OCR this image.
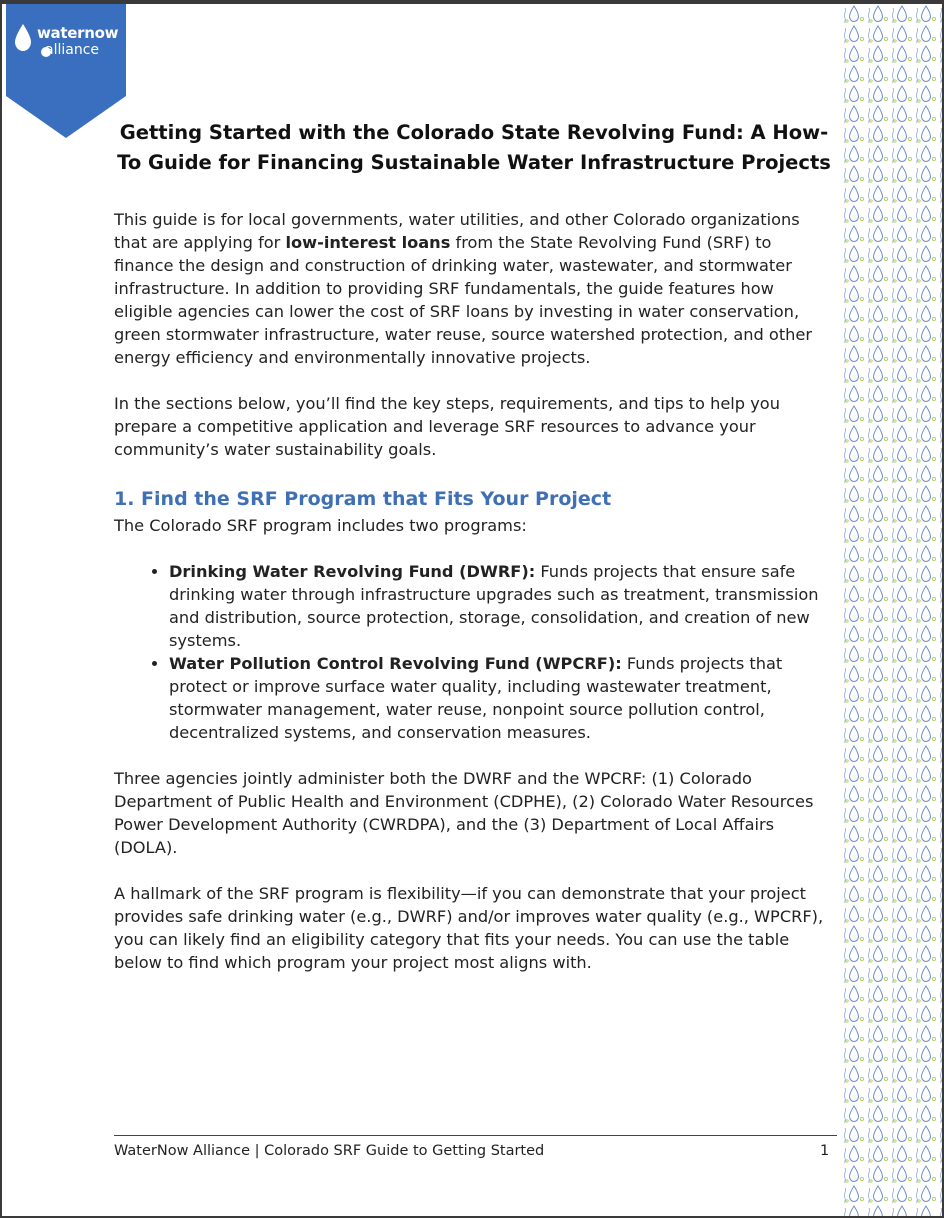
waternow
alliance
Getting Started with the Colorado State Revolving Fund: A How-To Guide for Financing Sustainable Water Infrastructure Projects

This guide is for local governments, water utilities, and other Colorado organizations that are applying for low-interest loans from the State Revolving Fund (SRF) to finance the design and construction of drinking water, wastewater, and stormwater infrastructure. In addition to providing SRF fundamentals, the guide features how eligible agencies can lower the cost of SRF loans by investing in water conservation, green stormwater infrastructure, water reuse, source watershed protection, and other energy efficiency and environmentally innovative projects.

In the sections below, you’ll find the key steps, requirements, and tips to help you prepare a competitive application and leverage SRF resources to advance your community’s water sustainability goals.

1. Find the SRF Program that Fits Your Project

The Colorado SRF program includes two programs:

• Drinking Water Revolving Fund (DWRF): Funds projects that ensure safe drinking water through infrastructure upgrades such as treatment, transmission and distribution, source protection, storage, consolidation, and creation of new systems.
• Water Pollution Control Revolving Fund (WPCRF): Funds projects that protect or improve surface water quality, including wastewater treatment, stormwater management, water reuse, nonpoint source pollution control, decentralized systems, and conservation measures.

Three agencies jointly administer both the DWRF and the WPCRF: (1) Colorado Department of Public Health and Environment (CDPHE), (2) Colorado Water Resources Power Development Authority (CWRDPA), and the (3) Department of Local Affairs (DOLA).

A hallmark of the SRF program is flexibility—if you can demonstrate that your project provides safe drinking water (e.g., DWRF) and/or improves water quality (e.g., WPCRF), you can likely find an eligibility category that fits your needs. You can use the table below to find which program your project most aligns with.

WaterNow Alliance | Colorado SRF Guide to Getting Started	1
